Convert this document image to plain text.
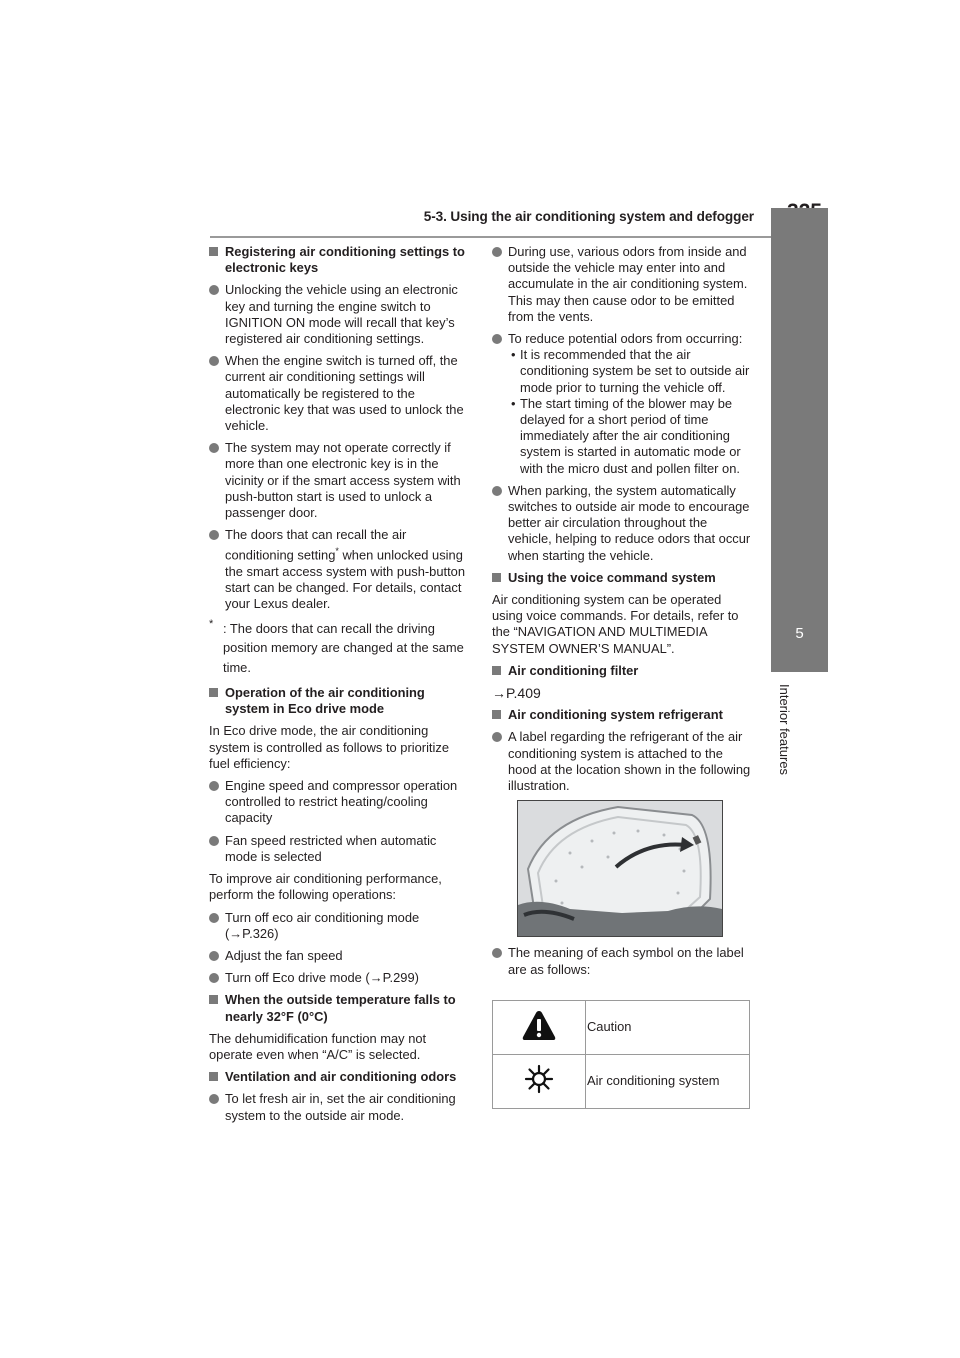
5-3. Using the air conditioning system and defogger
5
Interior features
Registering air conditioning settings to electronic keys
Unlocking the vehicle using an electronic key and turning the engine switch to IGNITION ON mode will recall that key’s registered air conditioning settings.
When the engine switch is turned off, the current air conditioning settings will automatically be registered to the electronic key that was used to unlock the vehicle.
The system may not operate correctly if more than one electronic key is in the vicinity or if the smart access system with push-button start is used to unlock a passenger door.
The doors that can recall the air conditioning setting* when unlocked using the smart access system with push-button start can be changed. For details, contact your Lexus dealer.
* : The doors that can recall the driving position memory are changed at the same time.
Operation of the air conditioning system in Eco drive mode
In Eco drive mode, the air conditioning system is controlled as follows to prioritize fuel efficiency:
Engine speed and compressor operation controlled to restrict heating/cooling capacity
Fan speed restricted when automatic mode is selected
To improve air conditioning performance, perform the following operations:
Turn off eco air conditioning mode (→P.326)
Adjust the fan speed
Turn off Eco drive mode (→P.299)
When the outside temperature falls to nearly 32°F (0°C)
The dehumidification function may not operate even when “A/C” is selected.
Ventilation and air conditioning odors
To let fresh air in, set the air conditioning system to the outside air mode.
During use, various odors from inside and outside the vehicle may enter into and accumulate in the air conditioning system. This may then cause odor to be emitted from the vents.
To reduce potential odors from occurring:
• It is recommended that the air conditioning system be set to outside air mode prior to turning the vehicle off.
• The start timing of the blower may be delayed for a short period of time immediately after the air conditioning system is started in automatic mode or with the micro dust and pollen filter on.
When parking, the system automatically switches to outside air mode to encourage better air circulation throughout the vehicle, helping to reduce odors that occur when starting the vehicle.
Using the voice command system
Air conditioning system can be operated using voice commands. For details, refer to the “NAVIGATION AND MULTIMEDIA SYSTEM OWNER’S MANUAL”.
Air conditioning filter
→P.409
Air conditioning system refrigerant
A label regarding the refrigerant of the air conditioning system is attached to the hood at the location shown in the following illustration.
The meaning of each symbol on the label are as follows:
	Caution
	Air conditioning system
